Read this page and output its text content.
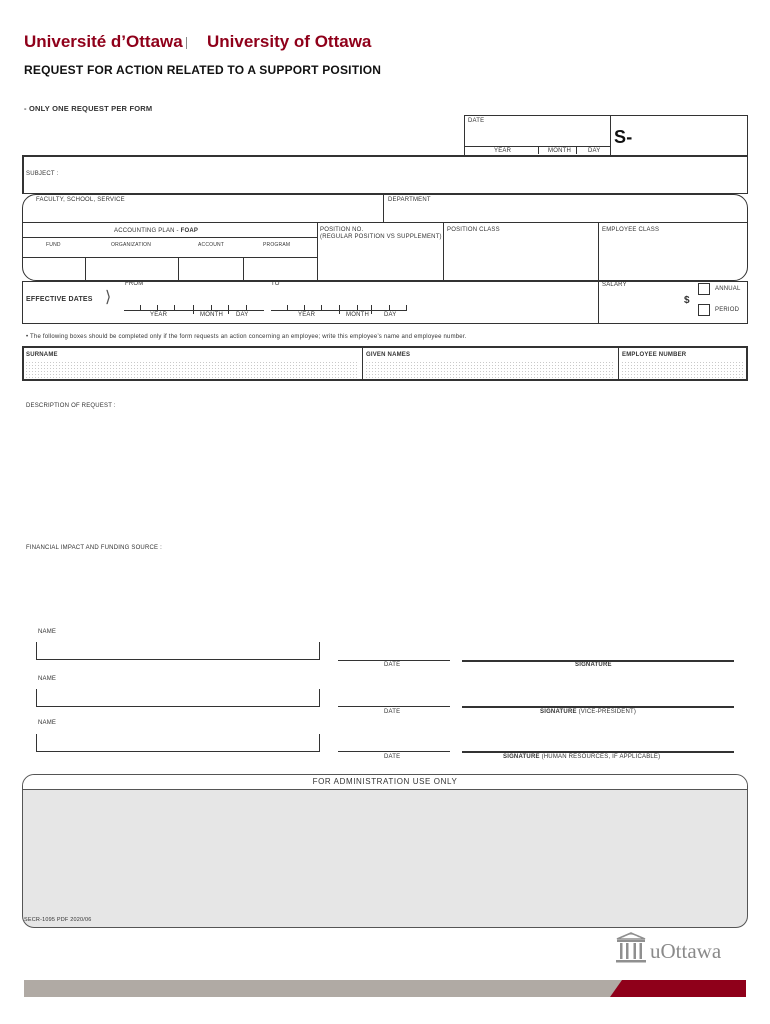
Université d’Ottawa University of Ottawa
REQUEST FOR ACTION RELATED TO A SUPPORT POSITION
- ONLY ONE REQUEST PER FORM
DATE
S-
YEAR	MONTH	DAY
SUBJECT :
FACULTY, SCHOOL, SERVICE	DEPARTMENT
ACCOUNTING PLAN - FOAP
FUND	ORGANIZATION	ACCOUNT	PROGRAM
POSITION NO.
(REGULAR POSITION VS SUPPLEMENT)
POSITION CLASS	EMPLOYEE CLASS
FROM	TO
EFFECTIVE DATES ⟩
YEAR	MONTH DAY	YEAR	MONTH	DAY
SALARY
$
ANNUAL
PERIOD
• The following boxes should be completed only if the form requests an action concerning an employee; write this employee’s name and employee number.
SURNAME	GIVEN NAMES	EMPLOYEE NUMBER
DESCRIPTION OF REQUEST :
FINANCIAL IMPACT AND FUNDING SOURCE :
NAME
DATE	SIGNATURE
NAME
DATE	SIGNATURE (VICE-PRESIDENT)
NAME
DATE	SIGNATURE (HUMAN RESOURCES, IF APPLICABLE)
FOR ADMINISTRATION USE ONLY
SECR-1095 PDF 2020/06
uOttawa
